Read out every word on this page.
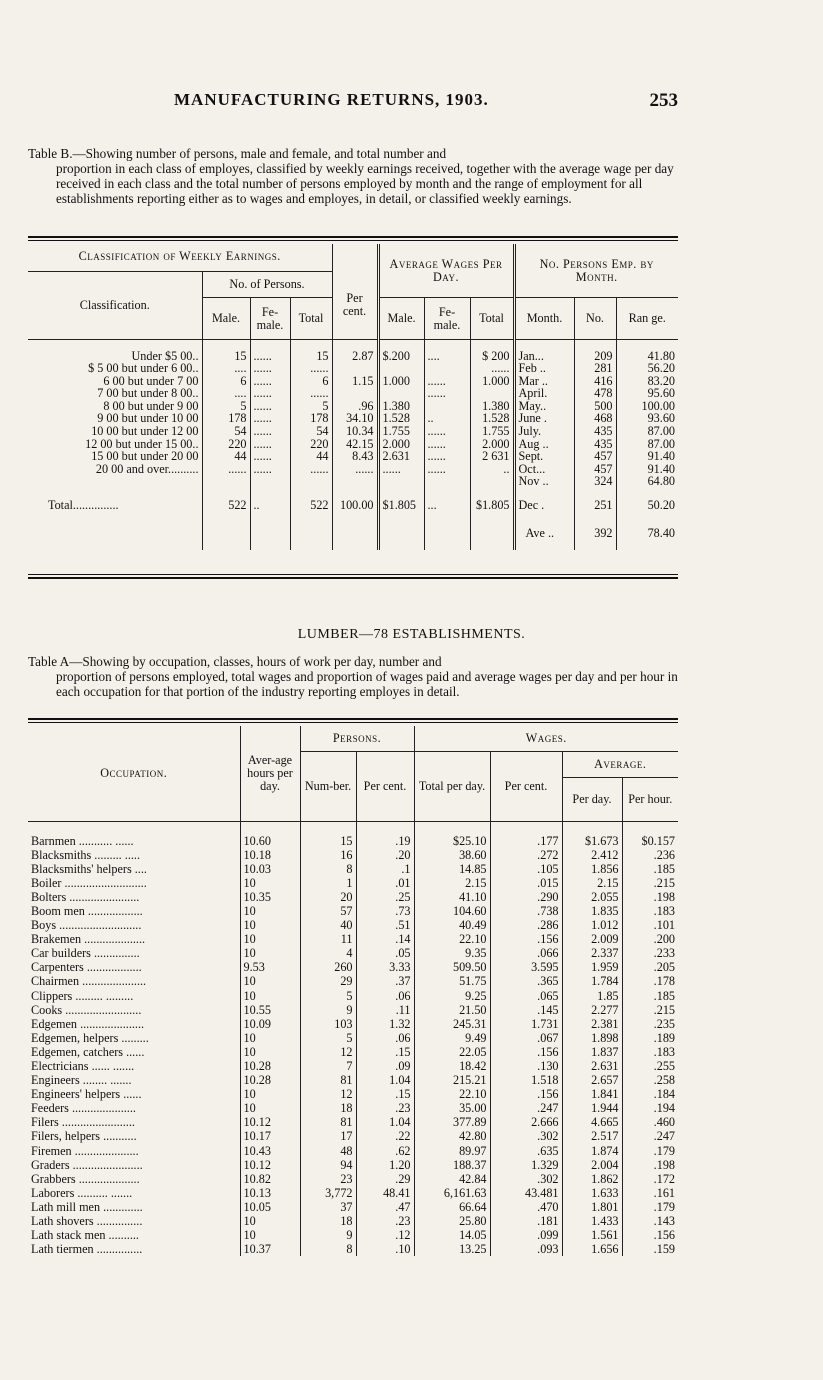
MANUFACTURING RETURNS, 1903.	253

Table B.—Showing number of persons, male and female, and total number and

proportion in each class of employes, classified by weekly earnings received, together with the average wage per day received in each class and the total number of persons employed by month and the range of employment for all establishments reporting either as to wages and employes, in detail, or classified weekly earnings.

Classification of Weekly Earnings.					Average Wages Per Day.			No. Persons Emp. by Month.		
Classification.	No. of Persons.			Per cent.						
	Male.	Fe-male.	Total		Male.	Fe-male.	Total	Month.	No.	Ran ge.

Under $5 00..	15	......	15	2.87	$.200	....	$ 200	Jan...	209	41.80
$ 5 00 but under 6 00..	....	......	......				......	Feb ..	281	56.20
6 00 but under 7 00	6	......	6	1.15	1.000	......	1.000	Mar ..	416	83.20
7 00 but under 8 00..	....	......	......			......		April.	478	95.60
8 00 but under 9 00	5	......	5	.96	1.380		1.380	May..	500	100.00
9 00 but under 10 00	178	......	178	34.10	1.528	..	1.528	June .	468	93.60
10 00 but under 12 00	54	......	54	10.34	1.755	......	1.755	July.	435	87.00
12 00 but under 15 00..	220	......	220	42.15	2.000	......	2.000	Aug ..	435	87.00
15 00 but under 20 00	44	......	44	8.43	2.631	......	2 631	Sept.	457	91.40
20 00 and over..........	......	......	......	......	......	......	..	Oct...	457	91.40
								Nov ..	324	64.80

Total...............	522	..	522	100.00	$1.805	...	$1.805	Dec .	251	50.20
								Ave ..	392	78.40
LUMBER—78 ESTABLISHMENTS.

Table A—Showing by occupation, classes, hours of work per day, number and

proportion of persons employed, total wages and proportion of wages paid and average wages per day and per hour in each occupation for that portion of the industry reporting employes in detail.

Occupation.	Aver-age hours per day.	Persons.		Wages.			
		Num-ber.	Per cent.	Total per day.	Per cent.	Average.	
						Per day.	Per hour.

Barnmen ........... ......	10.60	15	.19	$25.10	.177	$1.673	$0.157
Blacksmiths ......... .....	10.18	16	.20	38.60	.272	2.412	.236
Blacksmiths' helpers ....	10.03	8	.1	14.85	.105	1.856	.185
Boiler ...........................	10	1	.01	2.15	.015	2.15	.215
Bolters .......................	10.35	20	.25	41.10	.290	2.055	.198
Boom men ..................	10	57	.73	104.60	.738	1.835	.183
Boys ...........................	10	40	.51	40.49	.286	1.012	.101
Brakemen ....................	10	11	.14	22.10	.156	2.009	.200
Car builders ...............	10	4	.05	9.35	.066	2.337	.233
Carpenters ..................	9.53	260	3.33	509.50	3.595	1.959	.205
Chairmen .....................	10	29	.37	51.75	.365	1.784	.178
Clippers ......... .........	10	5	.06	9.25	.065	1.85	.185
Cooks .........................	10.55	9	.11	21.50	.145	2.277	.215
Edgemen .....................	10.09	103	1.32	245.31	1.731	2.381	.235
Edgemen, helpers .........	10	5	.06	9.49	.067	1.898	.189
Edgemen, catchers ......	10	12	.15	22.05	.156	1.837	.183
Electricians ...... .......	10.28	7	.09	18.42	.130	2.631	.255
Engineers ........ .......	10.28	81	1.04	215.21	1.518	2.657	.258
Engineers' helpers ......	10	12	.15	22.10	.156	1.841	.184
Feeders .....................	10	18	.23	35.00	.247	1.944	.194
Filers ........................	10.12	81	1.04	377.89	2.666	4.665	.460
Filers, helpers ...........	10.17	17	.22	42.80	.302	2.517	.247
Firemen .....................	10.43	48	.62	89.97	.635	1.874	.179
Graders .......................	10.12	94	1.20	188.37	1.329	2.004	.198
Grabbers ....................	10.82	23	.29	42.84	.302	1.862	.172
Laborers .......... .......	10.13	3,772	48.41	6,161.63	43.481	1.633	.161
Lath mill men .............	10.05	37	.47	66.64	.470	1.801	.179
Lath shovers ...............	10	18	.23	25.80	.181	1.433	.143
Lath stack men ..........	10	9	.12	14.05	.099	1.561	.156
Lath tiermen ...............	10.37	8	.10	13.25	.093	1.656	.159
